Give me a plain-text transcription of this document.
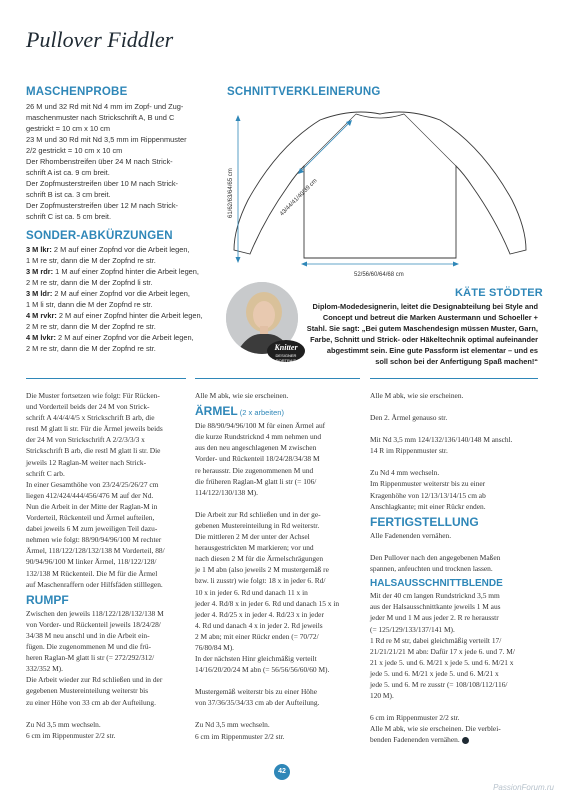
Pullover Fiddler
MASCHENPROBE
26 M und 32 Rd mit Nd 4 mm im Zopf- und Zug-
maschenmuster nach Strickschrift A, B und C
gestrickt = 10 cm x 10 cm
23 M und 30 Rd mit Nd 3,5 mm im Rippenmuster
2/2 gestrickt = 10 cm x 10 cm
Der Rhombenstreifen über 24 M nach Strick-
schrift A ist ca. 9 cm breit.
Der Zopfmusterstreifen über 10 M nach Strick-
schrift B ist ca. 3 cm breit.
Der Zopfmusterstreifen über 12 M nach Strick-
schrift C ist ca. 5 cm breit.
SONDER-ABKÜRZUNGEN
3 M lkr: 2 M auf einer Zopfnd vor die Arbeit legen,
1 M re str, dann die M der Zopfnd re str.
3 M rdr: 1 M auf einer Zopfnd hinter die Arbeit legen,
2 M re str, dann die M der Zopfnd li str.
3 M ldr: 2 M auf einer Zopfnd vor die Arbeit legen,
1 M li str, dann die M der Zopfnd re str.
4 M rvkr: 2 M auf einer Zopfnd hinter die Arbeit legen,
2 M re str, dann die M der Zopfnd re str.
4 M lvkr: 2 M auf einer Zopfnd vor die Arbeit legen,
2 M re str, dann die M der Zopfnd re str.
SCHNITTVERKLEINERUNG
61/62/63/64/65 cm	43/44/41/40/39 cm
52/56/60/64/68 cm
Knitter
DESIGNER PORTRAIT
KÄTE STÖDTER
Diplom-Modedesignerin, leitet die Designabteilung bei Style and
Concept und betreut die Marken Austermann und Schoeller +
Stahl. Sie sagt: „Bei gutem Maschendesign müssen Muster, Garn,
Farbe, Schnitt und Strick- oder Häkeltechnik optimal aufeinander
abgestimmt sein. Eine gute Passform ist elementar – und es
soll schon bei der Anfertigung Spaß machen!“

Die Muster fortsetzen wie folgt: Für Rücken-

und Vorderteil beids der 24 M von Strick-

schrift A 4/4/4/4/5 x Strickschrift B arb, die

restl M glatt li str. Für die Ärmel jeweils beids

der 24 M von Strickschrift A 2/2/3/3/3 x

Strickschrift B arb, die restl M glatt li str. Die

jeweils 12 Raglan-M weiter nach Strick-

schrift C arb.

In einer Gesamthöhe von 23/24/25/26/27 cm

liegen 412/424/444/456/476 M auf der Nd.

Nun die Arbeit in der Mitte der Raglan-M in

Vorderteil, Rückenteil und Ärmel aufteilen,

dabei jeweils 6 M zum jeweiligen Teil dazu-

nehmen wie folgt: 88/90/94/96/100 M rechter

Ärmel, 118/122/128/132/138 M Vorderteil, 88/

90/94/96/100 M linker Ärmel, 118/122/128/

132/138 M Rückenteil. Die M für die Ärmel

auf Maschenraffern oder Hilfsfäden stilllegen.

RUMPF

Zwischen den jeweils 118/122/128/132/138 M

von Vorder- und Rückenteil jeweils 18/24/28/

34/38 M neu anschl und in die Arbeit ein-

fügen. Die zugenommenen M und die frü-

heren Raglan-M glatt li str (= 272/292/312/

332/352 M).

Die Arbeit wieder zur Rd schließen und in der

gegebenen Mustereinteilung weiterstr bis

zu einer Höhe von 33 cm ab der Aufteilung.

Zu Nd 3,5 mm wechseln.

6 cm im Rippenmuster 2/2 str.

Alle M abk, wie sie erscheinen.

ÄRMEL (2 x arbeiten)

Die 88/90/94/96/100 M für einen Ärmel auf

die kurze Rundstricknd 4 mm nehmen und

aus den neu angeschlagenen M zwischen

Vorder- und Rückenteil 18/24/28/34/38 M

re herausstr. Die zugenommenen M und

die früheren Raglan-M glatt li str (= 106/

114/122/130/138 M).

Die Arbeit zur Rd schließen und in der ge-

gebenen Mustereinteilung in Rd weiterstr.

Die mittleren 2 M der unter der Achsel

herausgestrickten M markieren; vor und

nach diesen 2 M für die Ärmelschrägungen

je 1 M abn (also jeweils 2 M mustergemäß re

bzw. li zusstr) wie folgt: 18 x in jeder 6. Rd/

10 x in jeder 6. Rd und danach 11 x in

jeder 4. Rd/8 x in jeder 6. Rd und danach 15 x in

jeder 4. Rd/25 x in jeder 4. Rd/23 x in jeder

4. Rd und danach 4 x in jeder 2. Rd jeweils

2 M abn; mit einer Rückr enden (= 70/72/

76/80/84 M).

In der nächsten Hinr gleichmäßig verteilt

14/16/20/20/24 M abn (= 56/56/56/60/60 M).

Mustergemäß weiterstr bis zu einer Höhe

von 37/36/35/34/33 cm ab der Aufteilung.

Zu Nd 3,5 mm wechseln.

6 cm im Rippenmuster 2/2 str.

Alle M abk, wie sie erscheinen.

Den 2. Ärmel genauso str.

Mit Nd 3,5 mm 124/132/136/140/148 M anschl.

14 R im Rippenmuster str.

Zu Nd 4 mm wechseln.

Im Rippenmuster weiterstr bis zu einer

Kragenhöhe von 12/13/13/14/15 cm ab

Anschlagkante; mit einer Rückr enden.

FERTIGSTELLUNG

Alle Fadenenden vernähen.

Den Pullover nach den angegebenen Maßen

spannen, anfeuchten und trocknen lassen.

HALSAUSSCHNITTBLENDE

Mit der 40 cm langen Rundstricknd 3,5 mm

aus der Halsausschnittkante jeweils 1 M aus

jeder M und 1 M aus jeder 2. R re herausstr

(= 125/129/133/137/141 M).

1 Rd re M str, dabei gleichmäßig verteilt 17/

21/21/21/21 M abn: Dafür 17 x jede 6. und 7. M/

21 x jede 5. und 6. M/21 x jede 5. und 6. M/21 x

jede 5. und 6. M/21 x jede 5. und 6. M/21 x

jede 5. und 6. M re zusstr (= 108/108/112/116/

120 M).

6 cm im Rippenmuster 2/2 str.

Alle M abk, wie sie erscheinen. Die verblei-

benden Fadenenden vernähen.

42
PassionForum.ru
